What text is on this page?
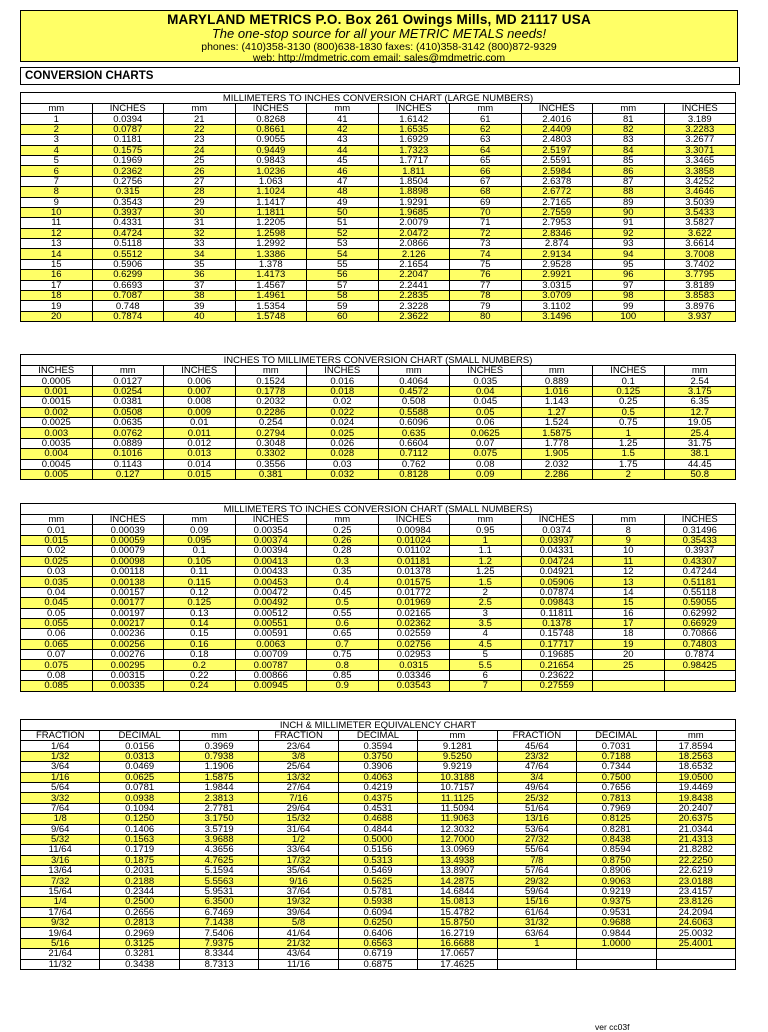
MARYLAND METRICS P.O. Box 261 Owings Mills, MD 21117 USA
The one-stop source for all your METRIC METALS needs!
phones: (410)358-3130 (800)638-1830 faxes: (410)358-3142 (800)872-9329
web: http://mdmetric.com email: sales@mdmetric.com
CONVERSION CHARTS
MILLIMETERS TO INCHES CONVERSION CHART (LARGE NUMBERS)									
mm	INCHES	mm	INCHES	mm	INCHES	mm	INCHES	mm	INCHES
1	0.0394	21	0.8268	41	1.6142	61	2.4016	81	3.189
2	0.0787	22	0.8661	42	1.6535	62	2.4409	82	3.2283
3	0.1181	23	0.9055	43	1.6929	63	2.4803	83	3.2677
4	0.1575	24	0.9449	44	1.7323	64	2.5197	84	3.3071
5	0.1969	25	0.9843	45	1.7717	65	2.5591	85	3.3465
6	0.2362	26	1.0236	46	1.811	66	2.5984	86	3.3858
7	0.2756	27	1.063	47	1.8504	67	2.6378	87	3.4252
8	0.315	28	1.1024	48	1.8898	68	2.6772	88	3.4646
9	0.3543	29	1.1417	49	1.9291	69	2.7165	89	3.5039
10	0.3937	30	1.1811	50	1.9685	70	2.7559	90	3.5433
11	0.4331	31	1.2205	51	2.0079	71	2.7953	91	3.5827
12	0.4724	32	1.2598	52	2.0472	72	2.8346	92	3.622
13	0.5118	33	1.2992	53	2.0866	73	2.874	93	3.6614
14	0.5512	34	1.3386	54	2.126	74	2.9134	94	3.7008
15	0.5906	35	1.378	55	2.1654	75	2.9528	95	3.7402
16	0.6299	36	1.4173	56	2.2047	76	2.9921	96	3.7795
17	0.6693	37	1.4567	57	2.2441	77	3.0315	97	3.8189
18	0.7087	38	1.4961	58	2.2835	78	3.0709	98	3.8583
19	0.748	39	1.5354	59	2.3228	79	3.1102	99	3.8976
20	0.7874	40	1.5748	60	2.3622	80	3.1496	100	3.937
INCHES TO MILLIMETERS CONVERSION CHART (SMALL NUMBERS)									
INCHES	mm	INCHES	mm	INCHES	mm	INCHES	mm	INCHES	mm
0.0005	0.0127	0.006	0.1524	0.016	0.4064	0.035	0.889	0.1	2.54
0.001	0.0254	0.007	0.1778	0.018	0.4572	0.04	1.016	0.125	3.175
0.0015	0.0381	0.008	0.2032	0.02	0.508	0.045	1.143	0.25	6.35
0.002	0.0508	0.009	0.2286	0.022	0.5588	0.05	1.27	0.5	12.7
0.0025	0.0635	0.01	0.254	0.024	0.6096	0.06	1.524	0.75	19.05
0.003	0.0762	0.011	0.2794	0.025	0.635	0.0625	1.5875	1	25.4
0.0035	0.0889	0.012	0.3048	0.026	0.6604	0.07	1.778	1.25	31.75
0.004	0.1016	0.013	0.3302	0.028	0.7112	0.075	1.905	1.5	38.1
0.0045	0.1143	0.014	0.3556	0.03	0.762	0.08	2.032	1.75	44.45
0.005	0.127	0.015	0.381	0.032	0.8128	0.09	2.286	2	50.8
MILLIMETERS TO INCHES CONVERSION CHART (SMALL NUMBERS)									
mm	INCHES	mm	INCHES	mm	INCHES	mm	INCHES	mm	INCHES
0.01	0.00039	0.09	0.00354	0.25	0.00984	0.95	0.0374	8	0.31496
0.015	0.00059	0.095	0.00374	0.26	0.01024	1	0.03937	9	0.35433
0.02	0.00079	0.1	0.00394	0.28	0.01102	1.1	0.04331	10	0.3937
0.025	0.00098	0.105	0.00413	0.3	0.01181	1.2	0.04724	11	0.43307
0.03	0.00118	0.11	0.00433	0.35	0.01378	1.25	0.04921	12	0.47244
0.035	0.00138	0.115	0.00453	0.4	0.01575	1.5	0.05906	13	0.51181
0.04	0.00157	0.12	0.00472	0.45	0.01772	2	0.07874	14	0.55118
0.045	0.00177	0.125	0.00492	0.5	0.01969	2.5	0.09843	15	0.59055
0.05	0.00197	0.13	0.00512	0.55	0.02165	3	0.11811	16	0.62992
0.055	0.00217	0.14	0.00551	0.6	0.02362	3.5	0.1378	17	0.66929
0.06	0.00236	0.15	0.00591	0.65	0.02559	4	0.15748	18	0.70866
0.065	0.00256	0.16	0.0063	0.7	0.02756	4.5	0.17717	19	0.74803
0.07	0.00276	0.18	0.00709	0.75	0.02953	5	0.19685	20	0.7874
0.075	0.00295	0.2	0.00787	0.8	0.0315	5.5	0.21654	25	0.98425
0.08	0.00315	0.22	0.00866	0.85	0.03346	6	0.23622		
0.085	0.00335	0.24	0.00945	0.9	0.03543	7	0.27559		
INCH & MILLIMETER EQUIVALENCY CHART								
FRACTION	DECIMAL	mm	FRACTION	DECIMAL	mm	FRACTION	DECIMAL	mm
1/64	0.0156	0.3969	23/64	0.3594	9.1281	45/64	0.7031	17.8594
1/32	0.0313	0.7938	3/8	0.3750	9.5250	23/32	0.7188	18.2563
3/64	0.0469	1.1906	25/64	0.3906	9.9219	47/64	0.7344	18.6532
1/16	0.0625	1.5875	13/32	0.4063	10.3188	3/4	0.7500	19.0500
5/64	0.0781	1.9844	27/64	0.4219	10.7157	49/64	0.7656	19.4469
3/32	0.0938	2.3813	7/16	0.4375	11.1125	25/32	0.7813	19.8438
7/64	0.1094	2.7781	29/64	0.4531	11.5094	51/64	0.7969	20.2407
1/8	0.1250	3.1750	15/32	0.4688	11.9063	13/16	0.8125	20.6375
9/64	0.1406	3.5719	31/64	0.4844	12.3032	53/64	0.8281	21.0344
5/32	0.1563	3.9688	1/2	0.5000	12.7000	27/32	0.8438	21.4313
11/64	0.1719	4.3656	33/64	0.5156	13.0969	55/64	0.8594	21.8282
3/16	0.1875	4.7625	17/32	0.5313	13.4938	7/8	0.8750	22.2250
13/64	0.2031	5.1594	35/64	0.5469	13.8907	57/64	0.8906	22.6219
7/32	0.2188	5.5563	9/16	0.5625	14.2875	29/32	0.9063	23.0188
15/64	0.2344	5.9531	37/64	0.5781	14.6844	59/64	0.9219	23.4157
1/4	0.2500	6.3500	19/32	0.5938	15.0813	15/16	0.9375	23.8126
17/64	0.2656	6.7469	39/64	0.6094	15.4782	61/64	0.9531	24.2094
9/32	0.2813	7.1438	5/8	0.6250	15.8750	31/32	0.9688	24.6063
19/64	0.2969	7.5406	41/64	0.6406	16.2719	63/64	0.9844	25.0032
5/16	0.3125	7.9375	21/32	0.6563	16.6688	1	1.0000	25.4001
21/64	0.3281	8.3344	43/64	0.6719	17.0657			
11/32	0.3438	8.7313	11/16	0.6875	17.4625			
ver cc03f
